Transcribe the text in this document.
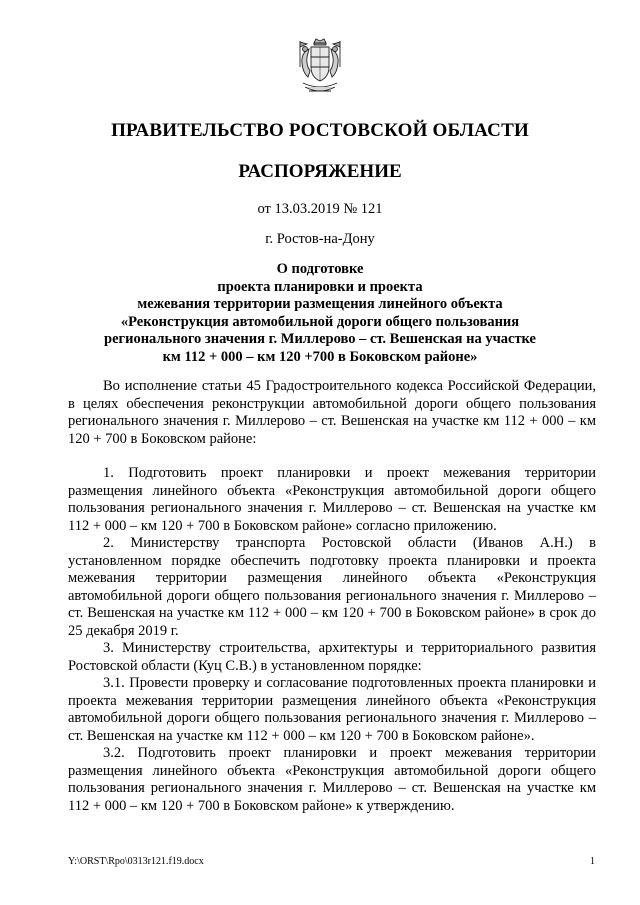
ПРАВИТЕЛЬСТВО РОСТОВСКОЙ ОБЛАСТИ
РАСПОРЯЖЕНИЕ
от 13.03.2019 № 121
г. Ростов-на-Дону
О подготовке
проекта планировки и проекта
межевания территории размещения линейного объекта
«Реконструкция автомобильной дороги общего пользования
регионального значения г. Миллерово – ст. Вешенская на участке
км 112 + 000 – км 120 +700 в Боковском районе»

Во исполнение статьи 45 Градостроительного кодекса Российской Федерации, в целях обеспечения реконструкции автомобильной дороги общего пользования регионального значения г. Миллерово – ст. Вешенская на участке км 112 + 000 – км 120 + 700 в Боковском районе:

1. Подготовить проект планировки и проект межевания территории размещения линейного объекта «Реконструкция автомобильной дороги общего пользования регионального значения г. Миллерово – ст. Вешенская на участке км 112 + 000 – км 120 + 700 в Боковском районе» согласно приложению.

2. Министерству транспорта Ростовской области (Иванов А.Н.) в установленном порядке обеспечить подготовку проекта планировки и проекта межевания территории размещения линейного объекта «Реконструкция автомобильной дороги общего пользования регионального значения г. Миллерово – ст. Вешенская на участке км 112 + 000 – км 120 + 700 в Боковском районе» в срок до 25 декабря 2019 г.

3. Министерству строительства, архитектуры и территориального развития Ростовской области (Куц С.В.) в установленном порядке:

3.1. Провести проверку и согласование подготовленных проекта планировки и проекта межевания территории размещения линейного объекта «Реконструкция автомобильной дороги общего пользования регионального значения г. Миллерово – ст. Вешенская на участке км 112 + 000 – км 120 + 700 в Боковском районе».

3.2. Подготовить проект планировки и проект межевания территории размещения линейного объекта «Реконструкция автомобильной дороги общего пользования регионального значения г. Миллерово – ст. Вешенская на участке км 112 + 000 – км 120 + 700 в Боковском районе» к утверждению.

Y:\ORST\Rpo\0313r121.f19.docx	1
